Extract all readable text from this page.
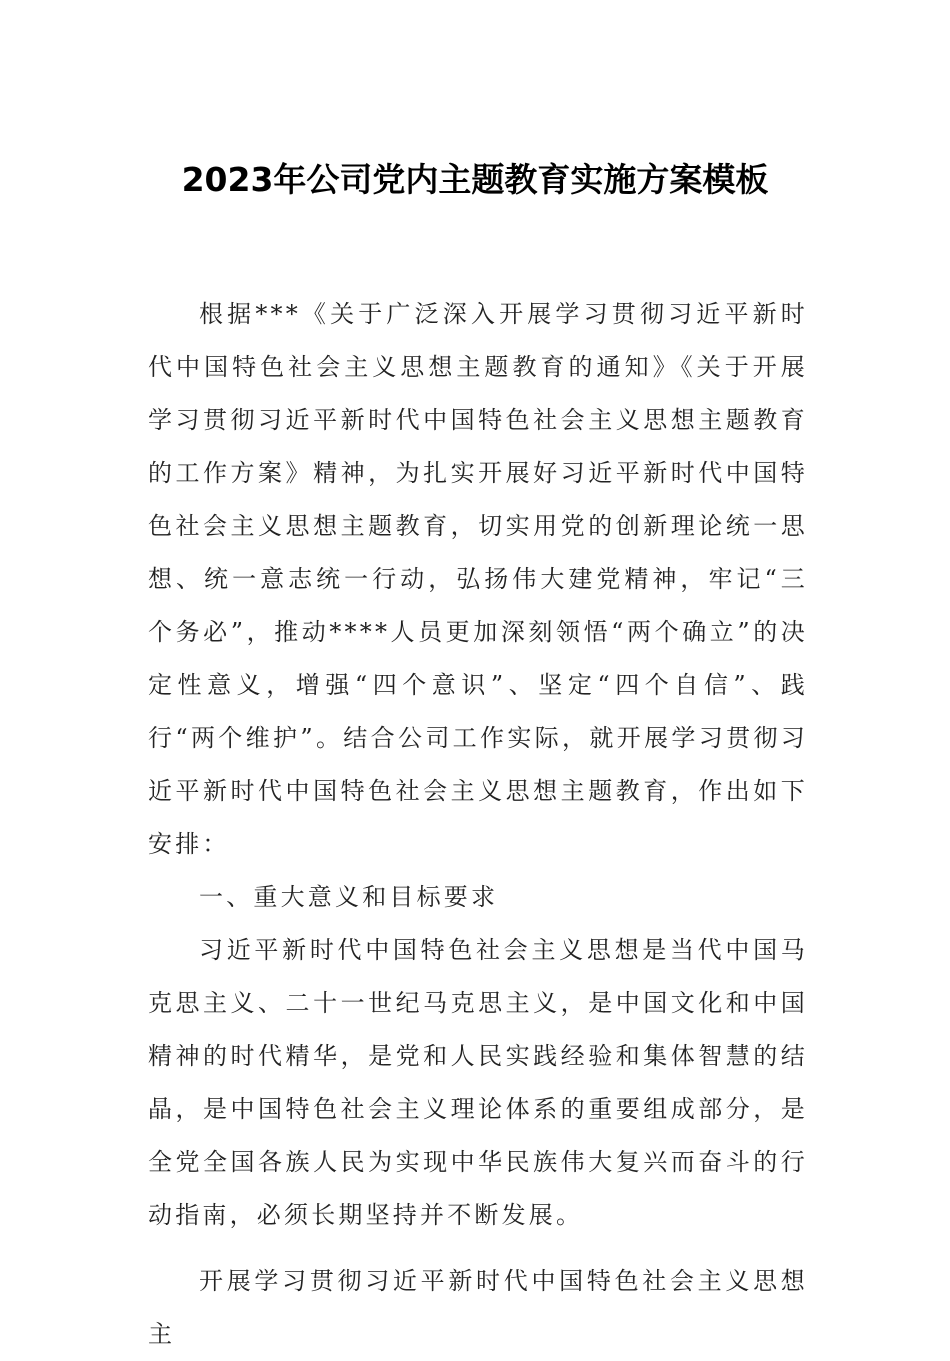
2023年公司党内主题教育实施方案模板

根据***《关于广泛深入开展学习贯彻习近平新时代中国特色社会主义思想主题教育的通知》《关于开展学习贯彻习近平新时代中国特色社会主义思想主题教育的工作方案》精神，为扎实开展好习近平新时代中国特色社会主义思想主题教育，切实用党的创新理论统一思想、统一意志统一行动，弘扬伟大建党精神，牢记“三个务必”，推动****人员更加深刻领悟“两个确立”的决定性意义，增强“四个意识”、坚定“四个自信”、践行“两个维护”。结合公司工作实际，就开展学习贯彻习近平新时代中国特色社会主义思想主题教育，作出如下安排：

一、重大意义和目标要求

习近平新时代中国特色社会主义思想是当代中国马克思主义、二十一世纪马克思主义，是中国文化和中国精神的时代精华，是党和人民实践经验和集体智慧的结晶，是中国特色社会主义理论体系的重要组成部分，是全党全国各族人民为实现中华民族伟大复兴而奋斗的行动指南，必须长期坚持并不断发展。

开展学习贯彻习近平新时代中国特色社会主义思想主
